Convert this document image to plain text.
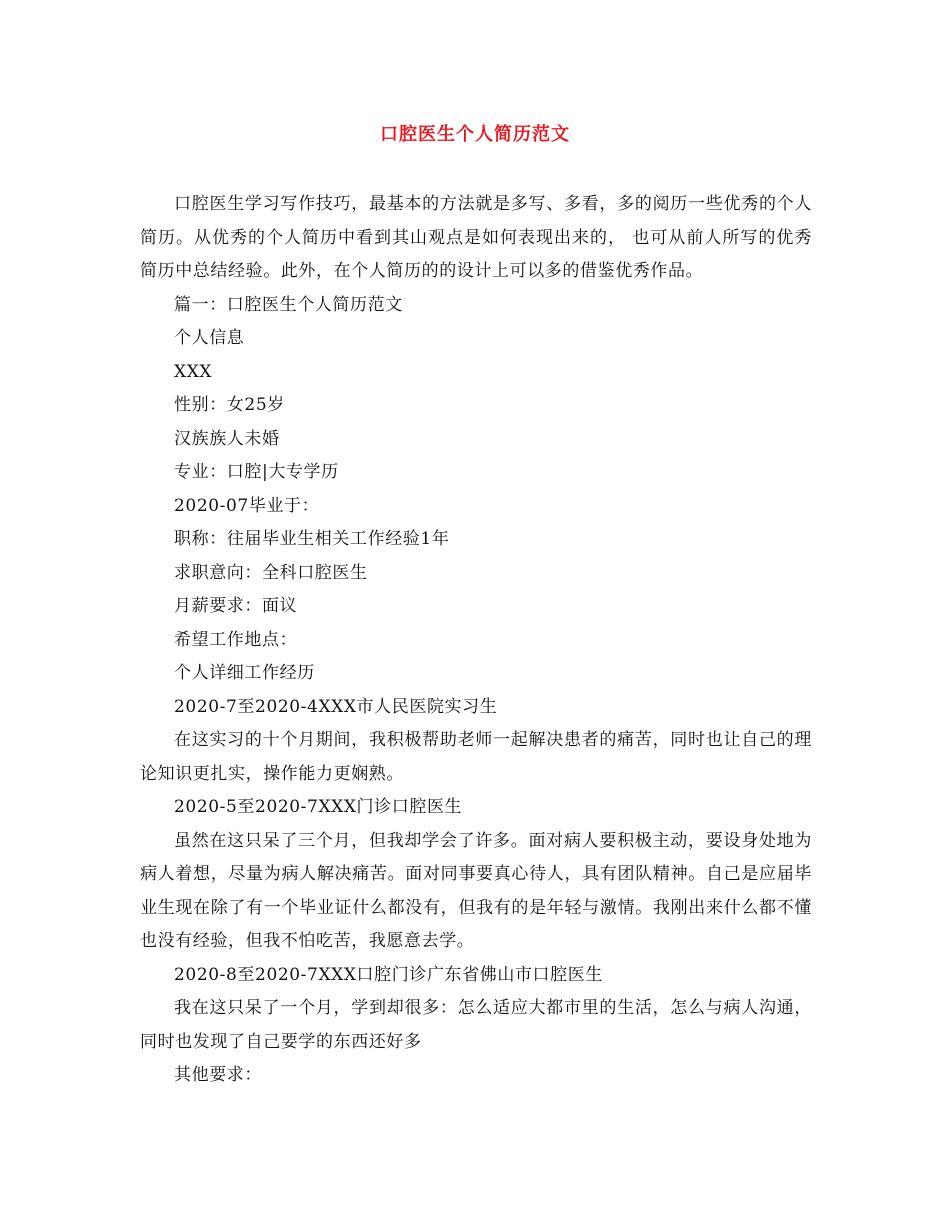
口腔医生个人简历范文

口腔医生学习写作技巧，最基本的方法就是多写、多看，多的阅历一些优秀的个人简历。从优秀的个人简历中看到其山观点是如何表现出来的， 也可从前人所写的优秀简历中总结经验。此外，在个人简历的的设计上可以多的借鉴优秀作品。

篇一：口腔医生个人简历范文

个人信息

XXX

性别：女25岁

汉族族人未婚

专业：口腔|大专学历

2020-07毕业于：

职称：往届毕业生相关工作经验1年

求职意向：全科口腔医生

月薪要求：面议

希望工作地点：

个人详细工作经历

2020-7至2020-4XXX市人民医院实习生

在这实习的十个月期间，我积极帮助老师一起解决患者的痛苦，同时也让自己的理论知识更扎实，操作能力更娴熟。

2020-5至2020-7XXX门诊口腔医生

虽然在这只呆了三个月，但我却学会了许多。面对病人要积极主动，要设身处地为病人着想，尽量为病人解决痛苦。面对同事要真心待人，具有团队精神。自己是应届毕业生现在除了有一个毕业证什么都没有，但我有的是年轻与激情。我刚出来什么都不懂也没有经验，但我不怕吃苦，我愿意去学。

2020-8至2020-7XXX口腔门诊广东省佛山市口腔医生

我在这只呆了一个月，学到却很多：怎么适应大都市里的生活，怎么与病人沟通，同时也发现了自己要学的东西还好多

其他要求：
